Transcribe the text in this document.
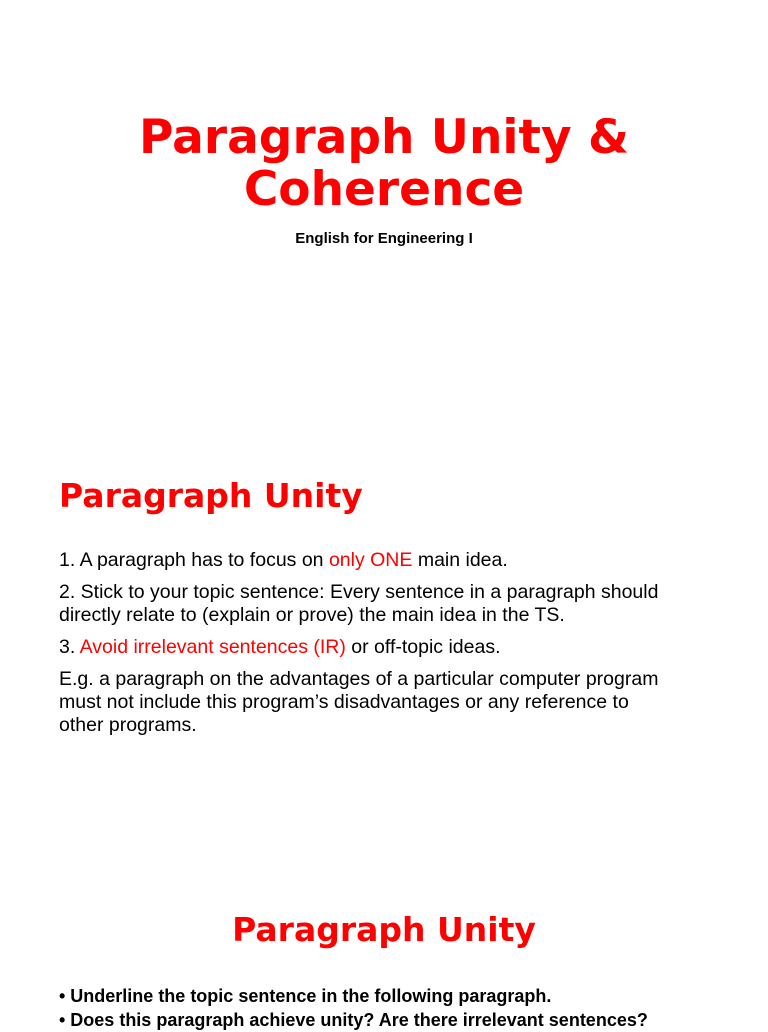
Paragraph Unity &
Coherence
English for Engineering I
Paragraph Unity

1. A paragraph has to focus on only ONE main idea.

2. Stick to your topic sentence: Every sentence in a paragraph should
directly relate to (explain or prove) the main idea in the TS.

3. Avoid irrelevant sentences (IR) or off-topic ideas.

E.g. a paragraph on the advantages of a particular computer program
must not include this program’s disadvantages or any reference to
other programs.

Paragraph Unity
• Underline the topic sentence in the following paragraph.
• Does this paragraph achieve unity? Are there irrelevant sentences?
